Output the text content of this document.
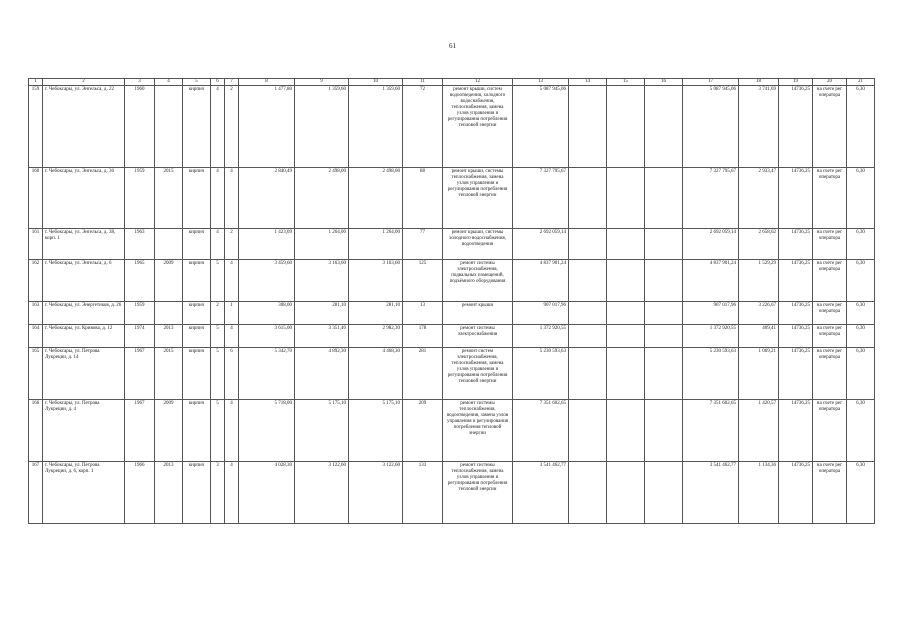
61
1	2	3	4	5	6	7	8	9	10	11	12	13	14	15	16	17	18	19	20	21
159	г. Чебоксары, ул. Энгельса, д. 22	1960		кирпич	4	2	1 477,80	1 359,60	1 359,60	72	ремонт крыши, систем водоотведения, холодного водоснабжения, теплоснабжения, замена узлов управления и регулирования потребления тепловой энергии	5 087 945,06				5 087 945,06	3 741,69	14736,25	на счете рег оператора	6,30
160	г. Чебоксары, ул. Энгельса, д. 36	1959	2015	кирпич	4	4	2 840,49	2 498,00	2 498,00	88	ремонт крыши, системы теплоснабжения, замена узлов управления и регулирования потребления тепловой энергии	7 327 795,67				7 327 795,67	2 933,47	14736,25	на счете рег оператора	6,30
161	г. Чебоксары, ул. Энгельса, д. 38, корп. 1	1963		кирпич	4	2	1 423,09	1 264,00	1 264,00	77	ремонт крыши, системы холодного водоснабжения, водоотведения	2 692 059,14				2 692 059,14	2 658,62	14736,25	на счете рег оператора	6,30
162	г. Чебоксары, ул. Энгельса, д. 6	1965	2009	кирпич	5	4	3 459,60	3 163,60	3 163,60	125	ремонт системы электроснабжения, подвальных помещений, подъёмного оборудования	4 837 901,24				4 837 901,24	1 529,29	14736,25	на счете рег оператора	6,30
163	г. Чебоксары, ул. Энергетиков, д. 26	1959		кирпич	2	1	308,00	281,10	281,10	13	ремонт крыши	907 017,96				907 017,96	3 226,67	14736,25	на счете рег оператора	6,30
164	г. Чебоксары, ул. Кривова, д. 12	1974	2013	кирпич	5	4	3 615,00	3 351,40	2 982,30	178	ремонт системы электроснабжения	1 372 920,55				1 372 920,55	409,41	14736,25	на счете рег оператора	6,30
165	г. Чебоксары, ул. Петрова Лукреции, д. 14	1967	2015	кирпич	5	6	5 342,70	4 892,30	4 468,30	281	ремонт систем электроснабжения, теплоснабжения, замена узлов управления и регулирования потребления тепловой энергии	5 230 593,63				5 230 593,63	1 069,21	14736,25	на счете рег оператора	6,30
166	г. Чебоксары, ул. Петрова Лукреции, д. 4	1967	2009	кирпич	5	4	5 718,00	5 175,10	5 175,10	209	ремонт системы теплоснабжения, водоотведения, замена узлов управления и регулирования потребления тепловой энергии	7 351 602,65				7 351 602,65	1 420,57	14736,25	на счете рег оператора	6,30
167	г. Чебоксары, ул. Петрова Лукреции, д. 6, корп. 1	1966	2013	кирпич	3	4	4 028,30	3 122,60	3 122,60	133	ремонт системы теплоснабжения, замена узлов управления и регулирования потребления тепловой энергии	3 541 462,77				3 541 462,77	1 134,36	14736,25	на счете рег оператора	6,30
